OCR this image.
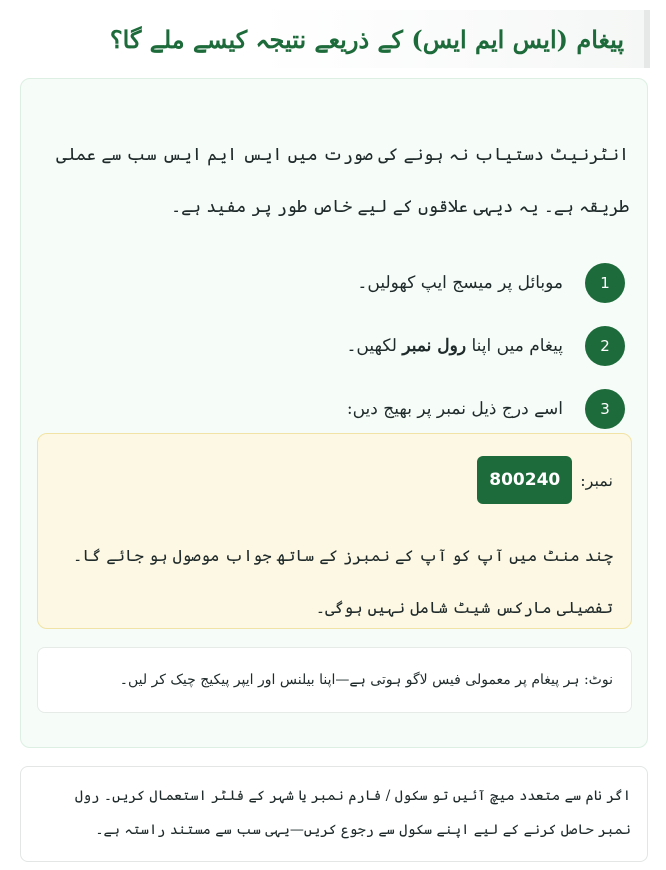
پیغام (ایس ایم ایس) کے ذریعے نتیجہ کیسے ملے گا؟
انٹرنیٹ دستیاب نہ ہونے کی صورت میں ایس ایم ایس سب سے عملی طریقہ ہے۔ یہ دیہی علاقوں کے لیے خاص طور پر مفید ہے۔
1
موبائل پر میسج ایپ کھولیں۔
2
پیغام میں اپنا رول نمبر لکھیں۔
3
اسے درج ذیل نمبر پر بھیج دیں:
نمبر:
800240
چند منٹ میں آپ کو آپ کے نمبرز کے ساتھ جواب موصول ہو جائے گا۔ تفصیلی مارکس شیٹ شامل نہیں ہوگی۔
نوٹ: ہر پیغام پر معمولی فیس لاگو ہوتی ہے—اپنا بیلنس اور ایپر پیکیج چیک کر لیں۔

اگر نام سے متعدد میچ آئیں تو سکول / فارم نمبر یا شہر کے فلٹر استعمال کریں۔ رول نمبر حاصل کرنے کے لیے اپنے سکول سے رجوع کریں—یہی سب سے مستند راستہ ہے۔
